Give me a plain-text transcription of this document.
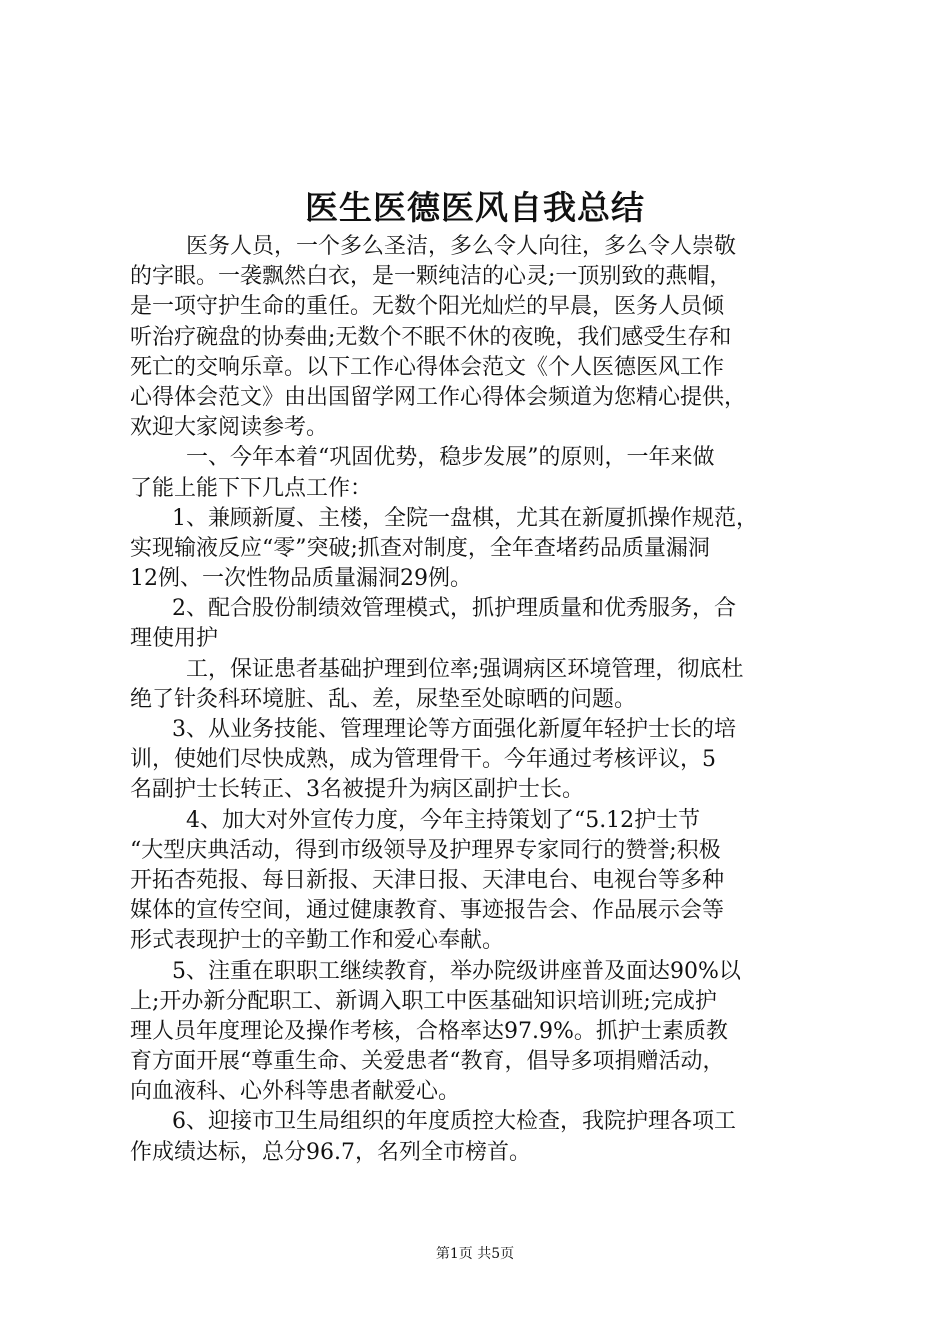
医生医德医风自我总结
医务人员，一个多么圣洁，多么令人向往，多么令人崇敬
的字眼。一袭飘然白衣，是一颗纯洁的心灵;一顶别致的燕帽，
是一项守护生命的重任。无数个阳光灿烂的早晨，医务人员倾
听治疗碗盘的协奏曲;无数个不眠不休的夜晚，我们感受生存和
死亡的交响乐章。以下工作心得体会范文《个人医德医风工作
心得体会范文》由出国留学网工作心得体会频道为您精心提供，
欢迎大家阅读参考。
一、今年本着“巩固优势，稳步发展”的原则，一年来做
了能上能下下几点工作：
1、兼顾新厦、主楼，全院一盘棋，尤其在新厦抓操作规范，
实现输液反应“零”突破;抓查对制度，全年查堵药品质量漏洞
12例、一次性物品质量漏洞29例。
2、配合股份制绩效管理模式，抓护理质量和优秀服务，合
理使用护
工，保证患者基础护理到位率;强调病区环境管理，彻底杜
绝了针灸科环境脏、乱、差，尿垫至处晾晒的问题。
3、从业务技能、管理理论等方面强化新厦年轻护士长的培
训，使她们尽快成熟，成为管理骨干。今年通过考核评议，5
名副护士长转正、3名被提升为病区副护士长。
4、加大对外宣传力度，今年主持策划了“5.12护士节
“大型庆典活动，得到市级领导及护理界专家同行的赞誉;积极
开拓杏苑报、每日新报、天津日报、天津电台、电视台等多种
媒体的宣传空间，通过健康教育、事迹报告会、作品展示会等
形式表现护士的辛勤工作和爱心奉献。
5、注重在职职工继续教育，举办院级讲座普及面达90%以
上;开办新分配职工、新调入职工中医基础知识培训班;完成护
理人员年度理论及操作考核，合格率达97.9%。抓护士素质教
育方面开展“尊重生命、关爱患者“教育，倡导多项捐赠活动，
向血液科、心外科等患者献爱心。
6、迎接市卫生局组织的年度质控大检查，我院护理各项工
作成绩达标，总分96.7，名列全市榜首。
第1页 共5页
